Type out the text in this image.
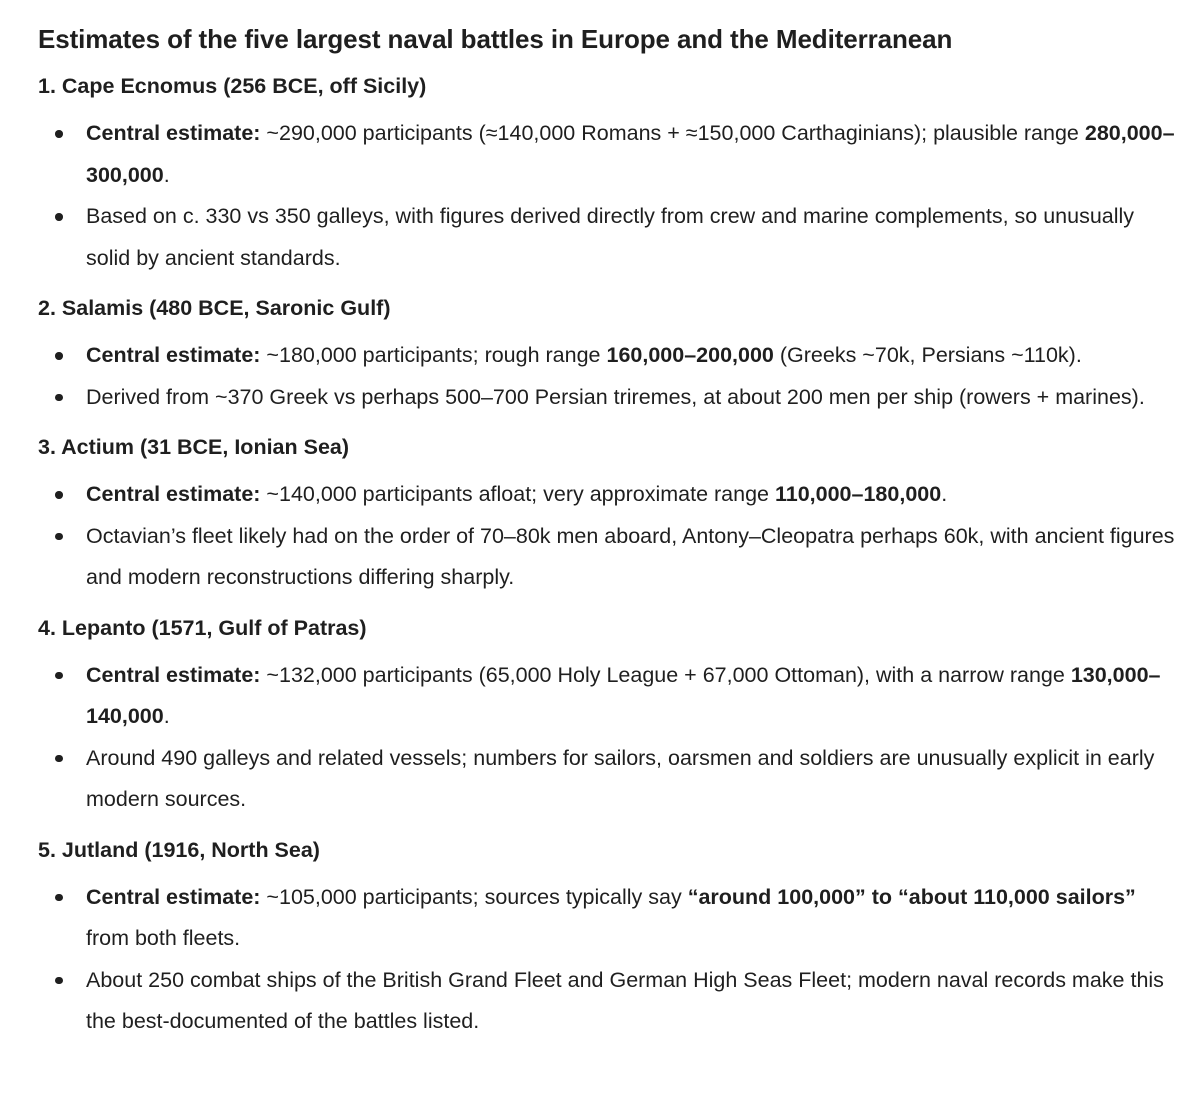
Estimates of the five largest naval battles in Europe and the Mediterranean
1. Cape Ecnomus (256 BCE, off Sicily)
Central estimate: ~290,000 participants (≈140,000 Romans + ≈150,000 Carthaginians); plausible range 280,000–300,000.
Based on c. 330 vs 350 galleys, with figures derived directly from crew and marine complements, so unusually solid by ancient standards.
2. Salamis (480 BCE, Saronic Gulf)
Central estimate: ~180,000 participants; rough range 160,000–200,000 (Greeks ~70k, Persians ~110k).
Derived from ~370 Greek vs perhaps 500–700 Persian triremes, at about 200 men per ship (rowers + marines).
3. Actium (31 BCE, Ionian Sea)
Central estimate: ~140,000 participants afloat; very approximate range 110,000–180,000.
Octavian’s fleet likely had on the order of 70–80k men aboard, Antony–Cleopatra perhaps 60k, with ancient figures and modern reconstructions differing sharply.
4. Lepanto (1571, Gulf of Patras)
Central estimate: ~132,000 participants (65,000 Holy League + 67,000 Ottoman), with a narrow range 130,000–140,000.
Around 490 galleys and related vessels; numbers for sailors, oarsmen and soldiers are unusually explicit in early modern sources.
5. Jutland (1916, North Sea)
Central estimate: ~105,000 participants; sources typically say “around 100,000” to “about 110,000 sailors” from both fleets.
About 250 combat ships of the British Grand Fleet and German High Seas Fleet; modern naval records make this the best-documented of the battles listed.
